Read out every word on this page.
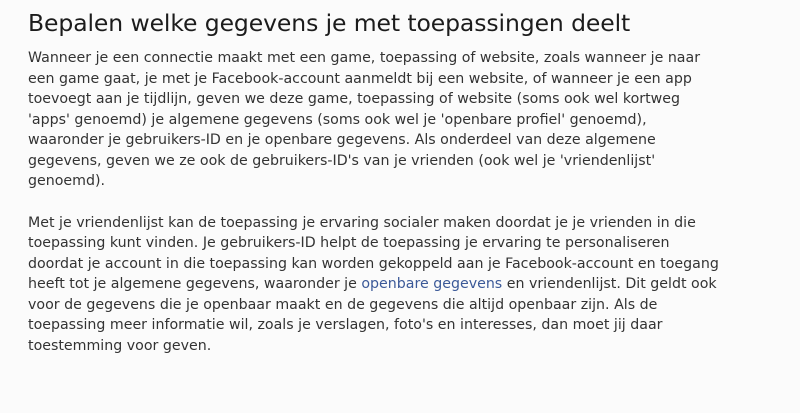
Bepalen welke gegevens je met toepassingen deelt

Wanneer je een connectie maakt met een game, toepassing of website, zoals wanneer je naar
een game gaat, je met je Facebook-account aanmeldt bij een website, of wanneer je een app
toevoegt aan je tijdlijn, geven we deze game, toepassing of website (soms ook wel kortweg
'apps' genoemd) je algemene gegevens (soms ook wel je 'openbare profiel' genoemd),
waaronder je gebruikers-ID en je openbare gegevens. Als onderdeel van deze algemene
gegevens, geven we ze ook de gebruikers-ID's van je vrienden (ook wel je 'vriendenlijst'
genoemd).

Met je vriendenlijst kan de toepassing je ervaring socialer maken doordat je je vrienden in die
toepassing kunt vinden. Je gebruikers-ID helpt de toepassing je ervaring te personaliseren
doordat je account in die toepassing kan worden gekoppeld aan je Facebook-account en toegang
heeft tot je algemene gegevens, waaronder je openbare gegevens en vriendenlijst. Dit geldt ook
voor de gegevens die je openbaar maakt en de gegevens die altijd openbaar zijn. Als de
toepassing meer informatie wil, zoals je verslagen, foto's en interesses, dan moet jij daar
toestemming voor geven.
